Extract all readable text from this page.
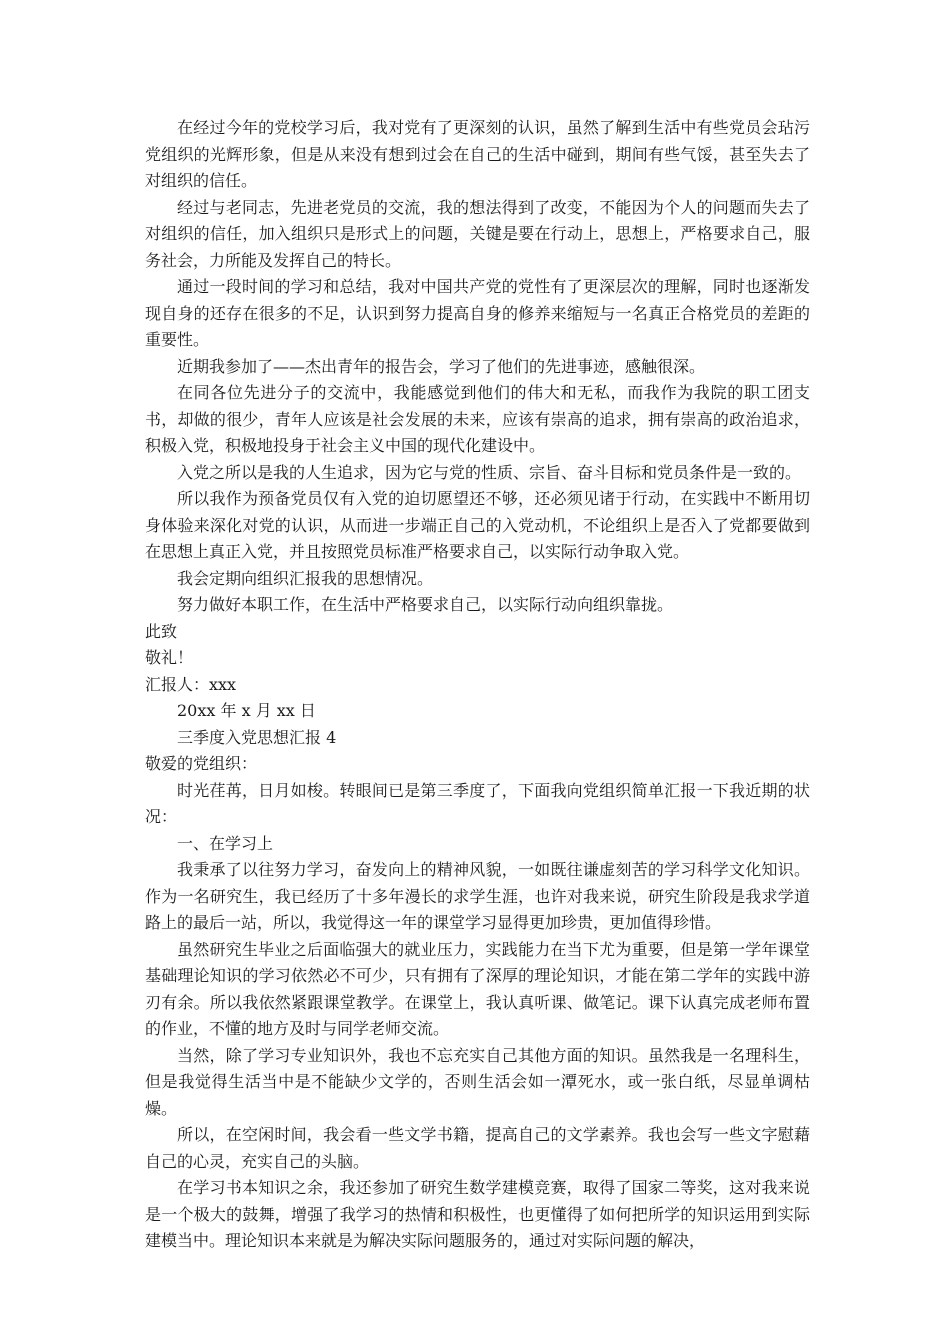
在经过今年的党校学习后，我对党有了更深刻的认识，虽然了解到生活中有些党员会玷污党组织的光辉形象，但是从来没有想到过会在自己的生活中碰到，期间有些气馁，甚至失去了对组织的信任。

经过与老同志，先进老党员的交流，我的想法得到了改变，不能因为个人的问题而失去了对组织的信任，加入组织只是形式上的问题，关键是要在行动上，思想上，严格要求自己，服务社会，力所能及发挥自己的特长。

通过一段时间的学习和总结，我对中国共产党的党性有了更深层次的理解，同时也逐渐发现自身的还存在很多的不足，认识到努力提高自身的修养来缩短与一名真正合格党员的差距的重要性。

近期我参加了——杰出青年的报告会，学习了他们的先进事迹，感触很深。

在同各位先进分子的交流中，我能感觉到他们的伟大和无私，而我作为我院的职工团支书，却做的很少，青年人应该是社会发展的未来，应该有崇高的追求，拥有崇高的政治追求，积极入党，积极地投身于社会主义中国的现代化建设中。

入党之所以是我的人生追求，因为它与党的性质、宗旨、奋斗目标和党员条件是一致的。

所以我作为预备党员仅有入党的迫切愿望还不够，还必须见诸于行动，在实践中不断用切身体验来深化对党的认识，从而进一步端正自己的入党动机，不论组织上是否入了党都要做到在思想上真正入党，并且按照党员标准严格要求自己，以实际行动争取入党。

我会定期向组织汇报我的思想情况。

努力做好本职工作，在生活中严格要求自己，以实际行动向组织靠拢。

此致

敬礼！

汇报人：xxx

20xx 年 x 月 xx 日

三季度入党思想汇报 4

敬爱的党组织：

时光荏苒，日月如梭。转眼间已是第三季度了，下面我向党组织简单汇报一下我近期的状况：

一、在学习上

我秉承了以往努力学习，奋发向上的精神风貌，一如既往谦虚刻苦的学习科学文化知识。作为一名研究生，我已经历了十多年漫长的求学生涯，也许对我来说，研究生阶段是我求学道路上的最后一站，所以，我觉得这一年的课堂学习显得更加珍贵，更加值得珍惜。

虽然研究生毕业之后面临强大的就业压力，实践能力在当下尤为重要，但是第一学年课堂基础理论知识的学习依然必不可少，只有拥有了深厚的理论知识，才能在第二学年的实践中游刃有余。所以我依然紧跟课堂教学。在课堂上，我认真听课、做笔记。课下认真完成老师布置的作业，不懂的地方及时与同学老师交流。

当然，除了学习专业知识外，我也不忘充实自己其他方面的知识。虽然我是一名理科生，但是我觉得生活当中是不能缺少文学的，否则生活会如一潭死水，或一张白纸，尽显单调枯燥。

所以，在空闲时间，我会看一些文学书籍，提高自己的文学素养。我也会写一些文字慰藉自己的心灵，充实自己的头脑。

在学习书本知识之余，我还参加了研究生数学建模竞赛，取得了国家二等奖，这对我来说是一个极大的鼓舞，增强了我学习的热情和积极性，也更懂得了如何把所学的知识运用到实际建模当中。理论知识本来就是为解决实际问题服务的，通过对实际问题的解决，
